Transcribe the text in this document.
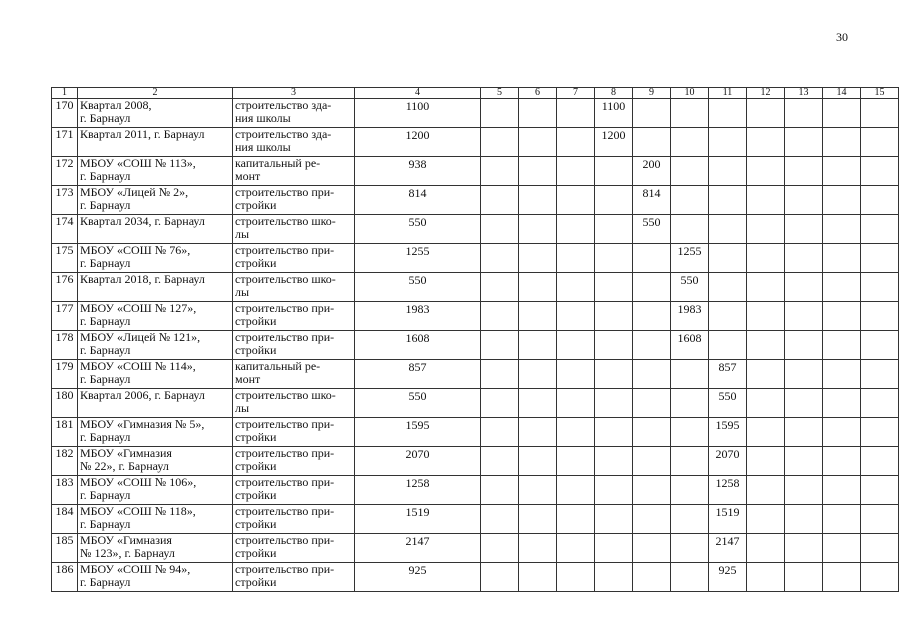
30
1	2	3	4	5	6	7	8	9	10	11	12	13	14	15
170	Квартал 2008,
г. Барнаул	строительство зда-
ния школы	1100				1100							
171	Квартал 2011, г. Барнаул	строительство зда-
ния школы	1200				1200							
172	МБОУ «СОШ № 113»,
г. Барнаул	капитальный ре-
монт	938					200						
173	МБОУ «Лицей № 2»,
г. Барнаул	строительство при-
стройки	814					814						
174	Квартал 2034, г. Барнаул	строительство шко-
лы	550					550						
175	МБОУ «СОШ № 76»,
г. Барнаул	строительство при-
стройки	1255						1255					
176	Квартал 2018, г. Барнаул	строительство шко-
лы	550						550					
177	МБОУ «СОШ № 127»,
г. Барнаул	строительство при-
стройки	1983						1983					
178	МБОУ «Лицей № 121»,
г. Барнаул	строительство при-
стройки	1608						1608					
179	МБОУ «СОШ № 114»,
г. Барнаул	капитальный ре-
монт	857							857				
180	Квартал 2006, г. Барнаул	строительство шко-
лы	550							550				
181	МБОУ «Гимназия № 5»,
г. Барнаул	строительство при-
стройки	1595							1595				
182	МБОУ «Гимназия
№ 22», г. Барнаул	строительство при-
стройки	2070							2070				
183	МБОУ «СОШ № 106»,
г. Барнаул	строительство при-
стройки	1258							1258				
184	МБОУ «СОШ № 118»,
г. Барнаул	строительство при-
стройки	1519							1519				
185	МБОУ «Гимназия
№ 123», г. Барнаул	строительство при-
стройки	2147							2147				
186	МБОУ «СОШ № 94»,
г. Барнаул	строительство при-
стройки	925							925				
